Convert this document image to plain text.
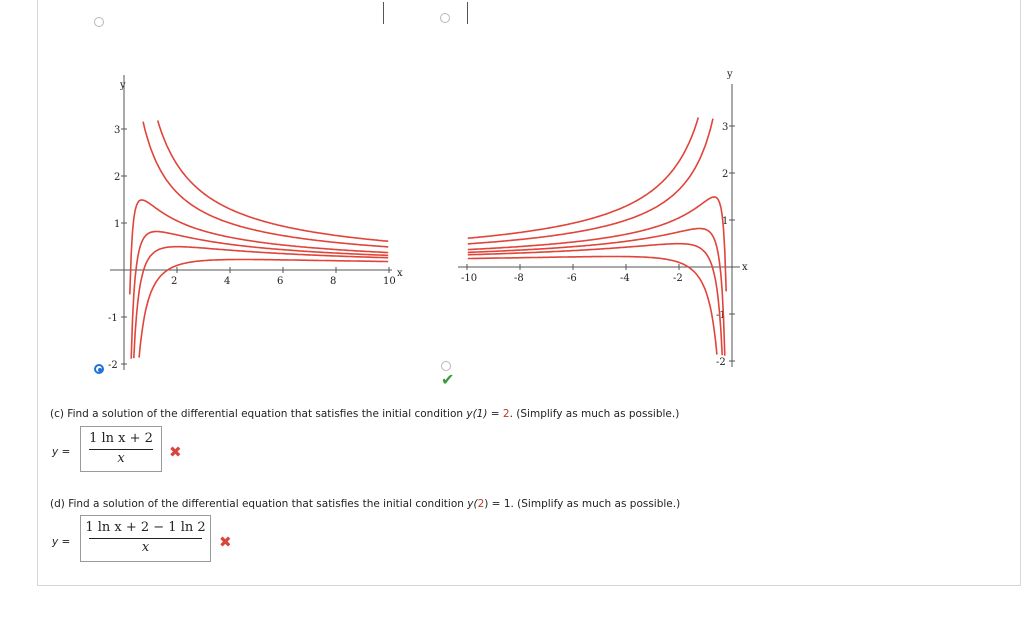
2	4	6	8	10
3
2
1
-1
-2
y
x	-10	-8	-6	-4	-2
3
2
1
-1
-2
y
x
✔
(c) Find a solution of the differential equation that satisfies the initial condition y(1) = 2. (Simplify as much as possible.)
y =
1 ln x + 2
x	✖
(d) Find a solution of the differential equation that satisfies the initial condition y(2) = 1. (Simplify as much as possible.)
y =
1 ln x + 2 − 1 ln 2
x	✖
